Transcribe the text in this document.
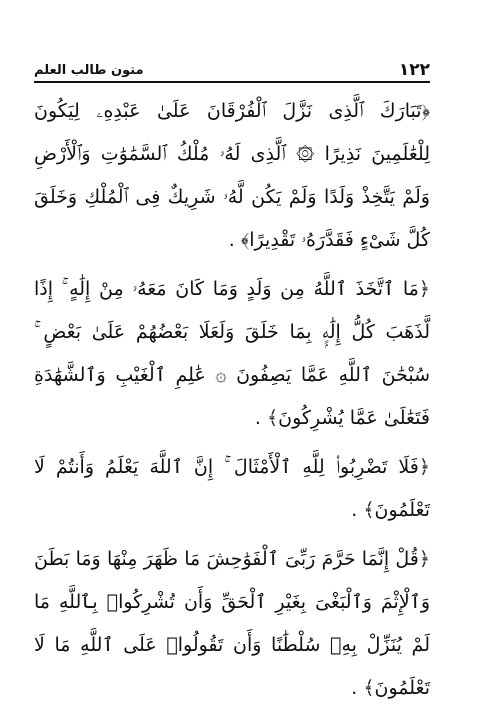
١٢٢
متون طالب العلم

﴿تَبَارَكَ ٱلَّذِى نَزَّلَ ٱلْفُرْقَانَ عَلَىٰ عَبْدِهِۦ لِيَكُونَ لِلْعَٰلَمِينَ نَذِيرًا ۞ ٱلَّذِى لَهُۥ مُلْكُ ٱلسَّمَٰوَٰتِ وَٱلْأَرْضِ وَلَمْ يَتَّخِذْ وَلَدًا وَلَمْ يَكُن لَّهُۥ شَرِيكٌ فِى ٱلْمُلْكِ وَخَلَقَ كُلَّ شَىْءٍ فَقَدَّرَهُۥ تَقْدِيرًا﴾ .

﴿مَا ٱتَّخَذَ ٱللَّهُ مِن وَلَدٍ وَمَا كَانَ مَعَهُۥ مِنْ إِلَٰهٍ ۚ إِذًا لَّذَهَبَ كُلُّ إِلَٰهٍۭ بِمَا خَلَقَ وَلَعَلَا بَعْضُهُمْ عَلَىٰ بَعْضٍ ۚ سُبْحَٰنَ ٱللَّهِ عَمَّا يَصِفُونَ ۞ عَٰلِمِ ٱلْغَيْبِ وَٱلشَّهَٰدَةِ فَتَعَٰلَىٰ عَمَّا يُشْرِكُونَ﴾ .

﴿فَلَا تَضْرِبُوا۟ لِلَّهِ ٱلْأَمْثَالَ ۚ إِنَّ ٱللَّهَ يَعْلَمُ وَأَنتُمْ لَا تَعْلَمُونَ﴾ .

﴿قُلْ إِنَّمَا حَرَّمَ رَبِّىَ ٱلْفَوَٰحِشَ مَا ظَهَرَ مِنْهَا وَمَا بَطَنَ وَٱلْإِثْمَ وَٱلْبَغْىَ بِغَيْرِ ٱلْحَقِّ وَأَن تُشْرِكُوا۟ بِٱللَّهِ مَا لَمْ يُنَزِّلْ بِهِۦ سُلْطَٰنًا وَأَن تَقُولُوا۟ عَلَى ٱللَّهِ مَا لَا تَعْلَمُونَ﴾ .
